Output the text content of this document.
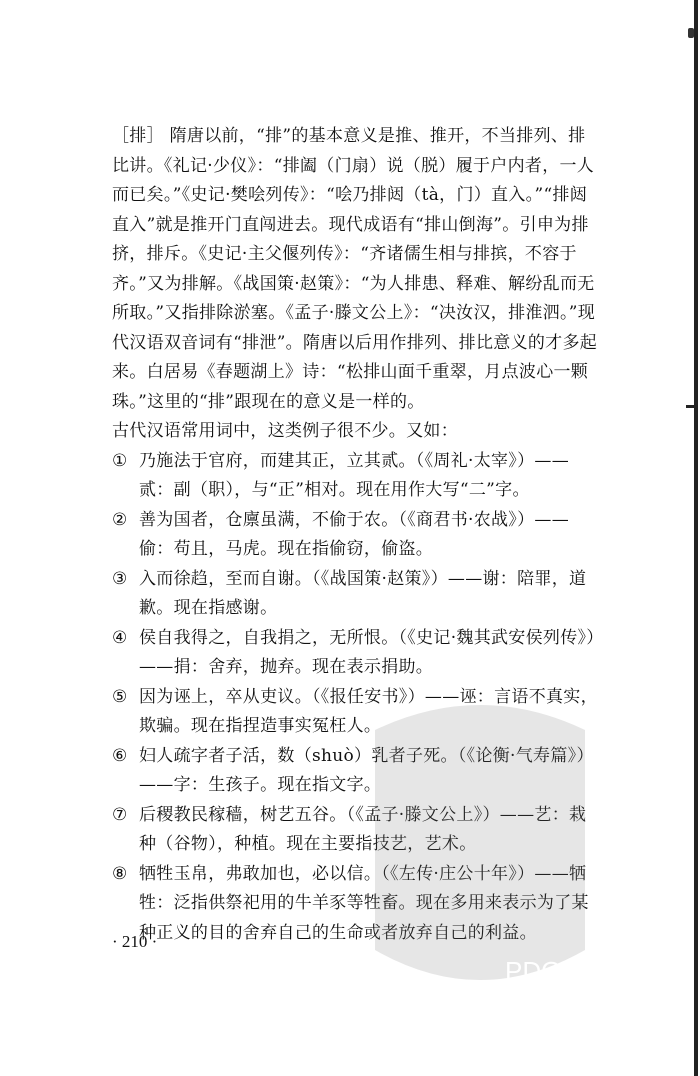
［排］ 隋唐以前，“排”的基本意义是推、推开，不当排列、排比讲。《礼记·少仪》：“排阖（门扇）说（脱）履于户内者，一人而已矣。”《史记·樊哙列传》：“哙乃排闼（tà，门）直入。”“排闼直入”就是推开门直闯进去。现代成语有“排山倒海”。引申为排挤，排斥。《史记·主父偃列传》：“齐诸儒生相与排摈，不容于齐。”又为排解。《战国策·赵策》：“为人排患、释难、解纷乱而无所取。”又指排除淤塞。《孟子·滕文公上》：“决汝汉，排淮泗。”现代汉语双音词有“排泄”。隋唐以后用作排列、排比意义的才多起来。白居易《春题湖上》诗：“松排山面千重翠，月点波心一颗珠。”这里的“排”跟现在的意义是一样的。

古代汉语常用词中，这类例子很不少。又如：

① 乃施法于官府，而建其正，立其贰。（《周礼·太宰》）——贰：副（职），与“正”相对。现在用作大写“二”字。
② 善为国者，仓廪虽满，不偷于农。（《商君书·农战》）——偷：苟且，马虎。现在指偷窃，偷盗。
③ 入而徐趋，至而自谢。（《战国策·赵策》）——谢：陪罪，道歉。现在指感谢。
④ 侯自我得之，自我捐之，无所恨。（《史记·魏其武安侯列传》）——捐：舍弃，抛弃。现在表示捐助。
⑤ 因为诬上，卒从吏议。（《报任安书》）——诬：言语不真实，欺骗。现在指捏造事实冤枉人。
⑥ 妇人疏字者子活，数（shuò）乳者子死。（《论衡·气寿篇》）——字：生孩子。现在指文字。
⑦ 后稷教民稼穑，树艺五谷。（《孟子·滕文公上》）——艺：栽种（谷物），种植。现在主要指技艺，艺术。
⑧ 牺牲玉帛，弗敢加也，必以信。（《左传·庄公十年》）——牺牲：泛指供祭祀用的牛羊豕等牲畜。现在多用来表示为了某种正义的目的舍弃自己的生命或者放弃自己的利益。
· 210 ·
PDG
